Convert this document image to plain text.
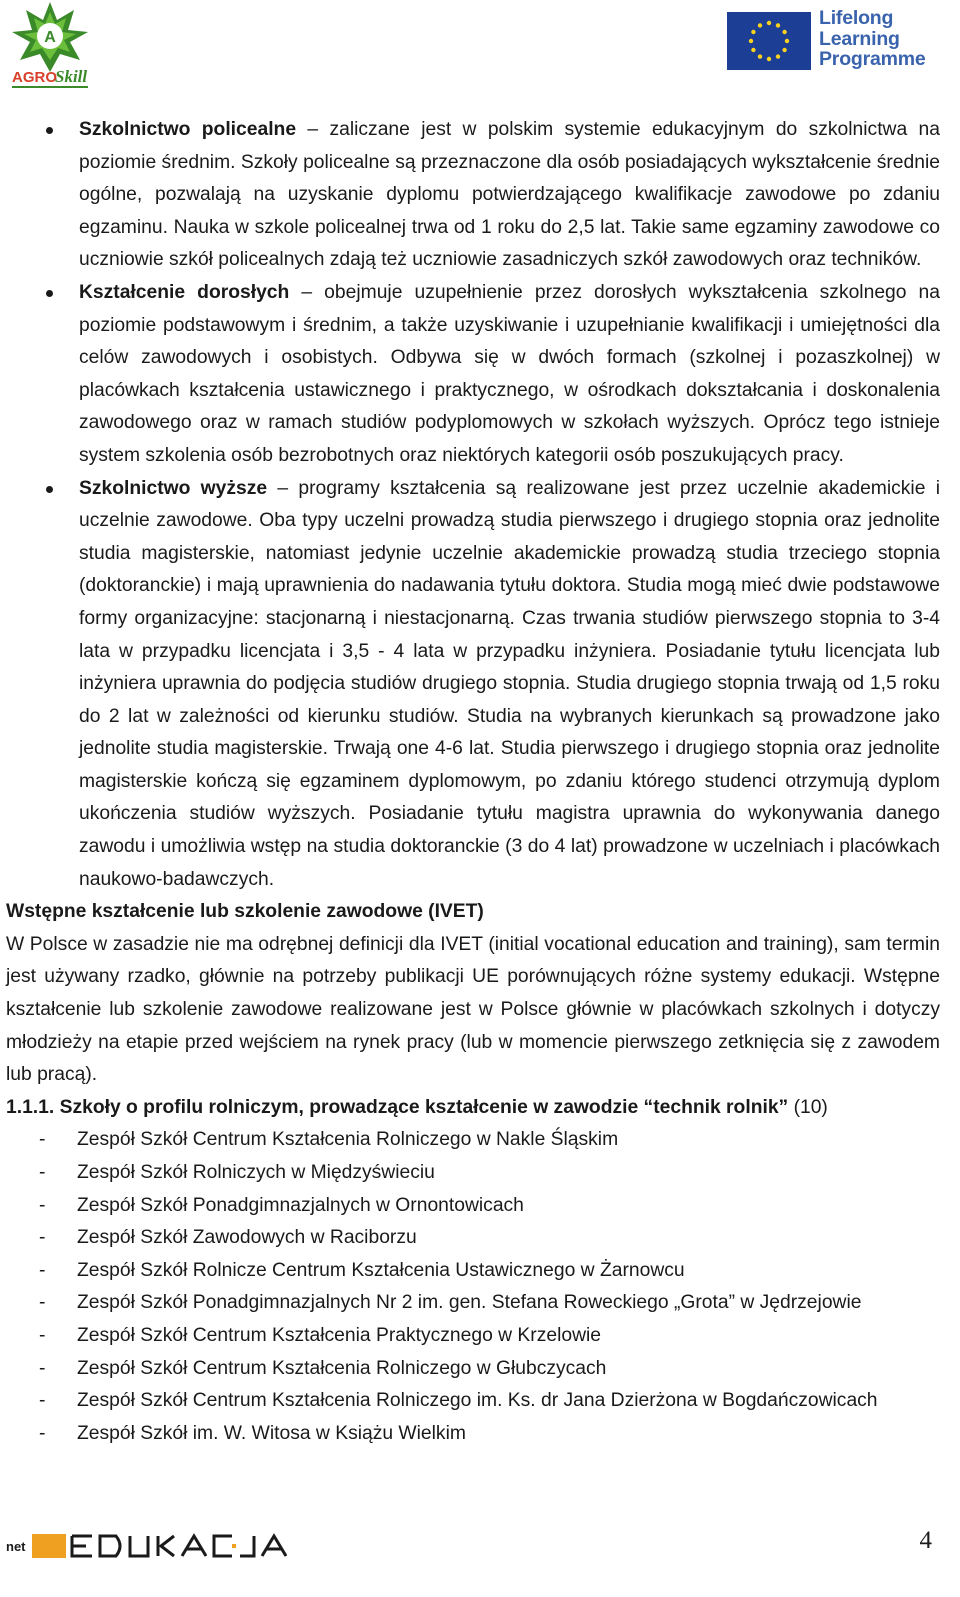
A
AGRO
Skill
Lifelong
Learning
Programme
Szkolnictwo policealne – zaliczane jest w polskim systemie edukacyjnym do szkolnictwa na poziomie średnim. Szkoły policealne są przeznaczone dla osób posiadających wykształcenie średnie ogólne, pozwalają na uzyskanie dyplomu potwierdzającego kwalifikacje zawodowe po zdaniu egzaminu. Nauka w szkole policealnej trwa od 1 roku do 2,5 lat. Takie same egzaminy zawodowe co uczniowie szkół policealnych zdają też uczniowie zasadniczych szkół zawodowych oraz techników.
Kształcenie dorosłych – obejmuje uzupełnienie przez dorosłych wykształcenia szkolnego na poziomie podstawowym i średnim, a także uzyskiwanie i uzupełnianie kwalifikacji i umiejętności dla celów zawodowych i osobistych. Odbywa się w dwóch formach (szkolnej i pozaszkolnej) w placówkach kształcenia ustawicznego i praktycznego, w ośrodkach dokształcania i doskonalenia zawodowego oraz w ramach studiów podyplomowych w szkołach wyższych. Oprócz tego istnieje system szkolenia osób bezrobotnych oraz niektórych kategorii osób poszukujących pracy.
Szkolnictwo wyższe – programy kształcenia są realizowane jest przez uczelnie akademickie i uczelnie zawodowe. Oba typy uczelni prowadzą studia pierwszego i drugiego stopnia oraz jednolite studia magisterskie, natomiast jedynie uczelnie akademickie prowadzą studia trzeciego stopnia (doktoranckie) i mają uprawnienia do nadawania tytułu doktora. Studia mogą mieć dwie podstawowe formy organizacyjne: stacjonarną i niestacjonarną. Czas trwania studiów pierwszego stopnia to 3-4 lata w przypadku licencjata i 3,5 - 4 lata w przypadku inżyniera. Posiadanie tytułu licencjata lub inżyniera uprawnia do podjęcia studiów drugiego stopnia. Studia drugiego stopnia trwają od 1,5 roku do 2 lat w zależności od kierunku studiów. Studia na wybranych kierunkach są prowadzone jako jednolite studia magisterskie. Trwają one 4-6 lat. Studia pierwszego i drugiego stopnia oraz jednolite magisterskie kończą się egzaminem dyplomowym, po zdaniu którego studenci otrzymują dyplom ukończenia studiów wyższych. Posiadanie tytułu magistra uprawnia do wykonywania danego zawodu i umożliwia wstęp na studia doktoranckie (3 do 4 lat) prowadzone w uczelniach i placówkach naukowo-badawczych.

Wstępne kształcenie lub szkolenie zawodowe (IVET)

W Polsce w zasadzie nie ma odrębnej definicji dla IVET (initial vocational education and training), sam termin jest używany rzadko, głównie na potrzeby publikacji UE porównujących różne systemy edukacji. Wstępne kształcenie lub szkolenie zawodowe realizowane jest w Polsce głównie w placówkach szkolnych i dotyczy młodzieży na etapie przed wejściem na rynek pracy (lub w momencie pierwszego zetknięcia się z zawodem lub pracą).

1.1.1. Szkoły o profilu rolniczym, prowadzące kształcenie w zawodzie “technik rolnik” (10)

- Zespół Szkół Centrum Kształcenia Rolniczego w Nakle Śląskim
- Zespół Szkół Rolniczych w Międzyświeciu
- Zespół Szkół Ponadgimnazjalnych w Ornontowicach
- Zespół Szkół Zawodowych w Raciborzu
- Zespół Szkół Rolnicze Centrum Kształcenia Ustawicznego w Żarnowcu
- Zespół Szkół Ponadgimnazjalnych Nr 2 im. gen. Stefana Roweckiego „Grota” w Jędrzejowie
- Zespół Szkół Centrum Kształcenia Praktycznego w Krzelowie
- Zespół Szkół Centrum Kształcenia Rolniczego w Głubczycach
- Zespół Szkół Centrum Kształcenia Rolniczego im. Ks. dr Jana Dzierżona w Bogdańczowicach
- Zespół Szkół im. W. Witosa w Książu Wielkim
net	4
